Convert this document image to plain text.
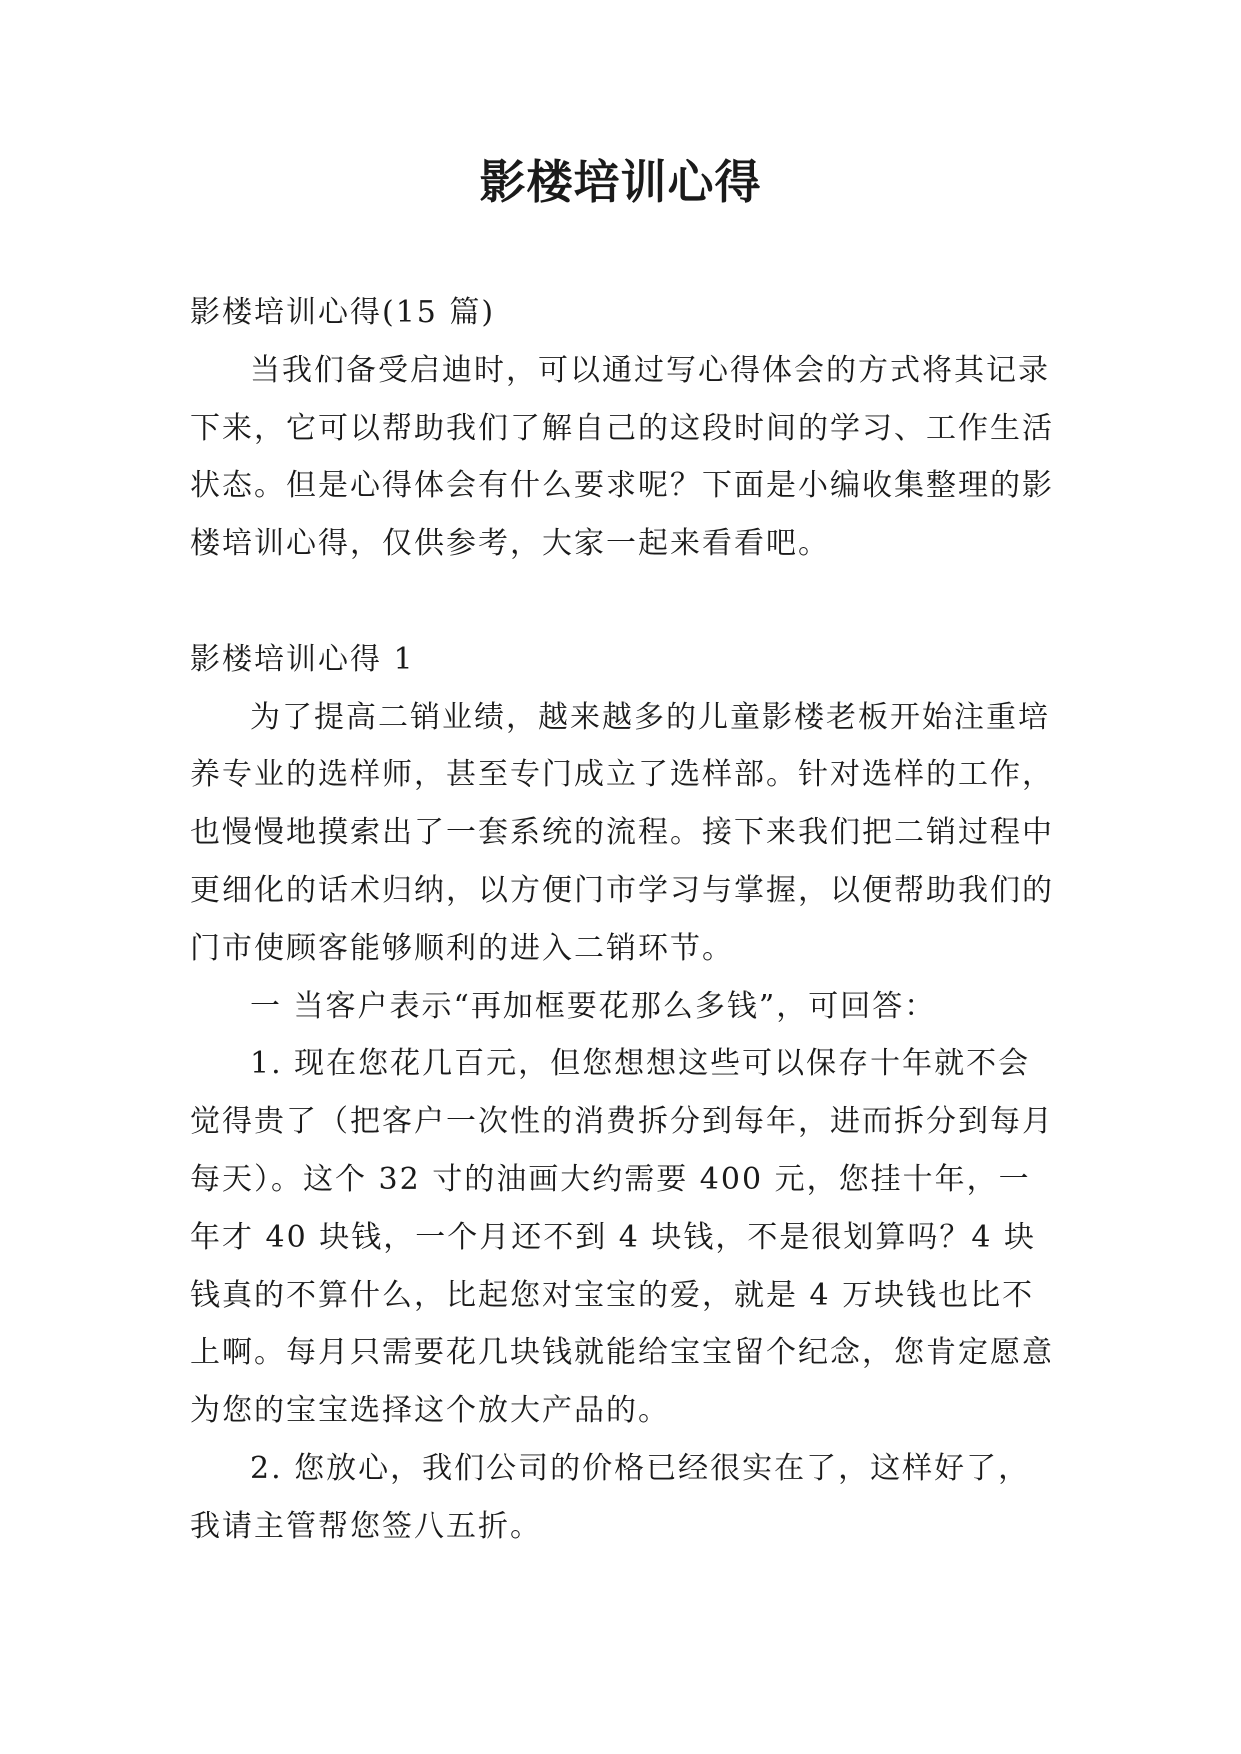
影楼培训心得

影楼培训心得(15 篇)

当我们备受启迪时，可以通过写心得体会的方式将其记录下来，它可以帮助我们了解自己的这段时间的学习、工作生活状态。但是心得体会有什么要求呢？下面是小编收集整理的影楼培训心得，仅供参考，大家一起来看看吧。

影楼培训心得 1

为了提高二销业绩，越来越多的儿童影楼老板开始注重培养专业的选样师，甚至专门成立了选样部。针对选样的工作，也慢慢地摸索出了一套系统的流程。接下来我们把二销过程中更细化的话术归纳，以方便门市学习与掌握，以便帮助我们的门市使顾客能够顺利的进入二销环节。

一 当客户表示“再加框要花那么多钱”，可回答：

1. 现在您花几百元，但您想想这些可以保存十年就不会觉得贵了（把客户一次性的消费拆分到每年，进而拆分到每月每天）。这个 32 寸的油画大约需要 400 元，您挂十年，一年才 40 块钱，一个月还不到 4 块钱，不是很划算吗？4 块钱真的不算什么，比起您对宝宝的爱，就是 4 万块钱也比不上啊。每月只需要花几块钱就能给宝宝留个纪念，您肯定愿意为您的宝宝选择这个放大产品的。

2. 您放心，我们公司的价格已经很实在了，这样好了，我请主管帮您签八五折。
